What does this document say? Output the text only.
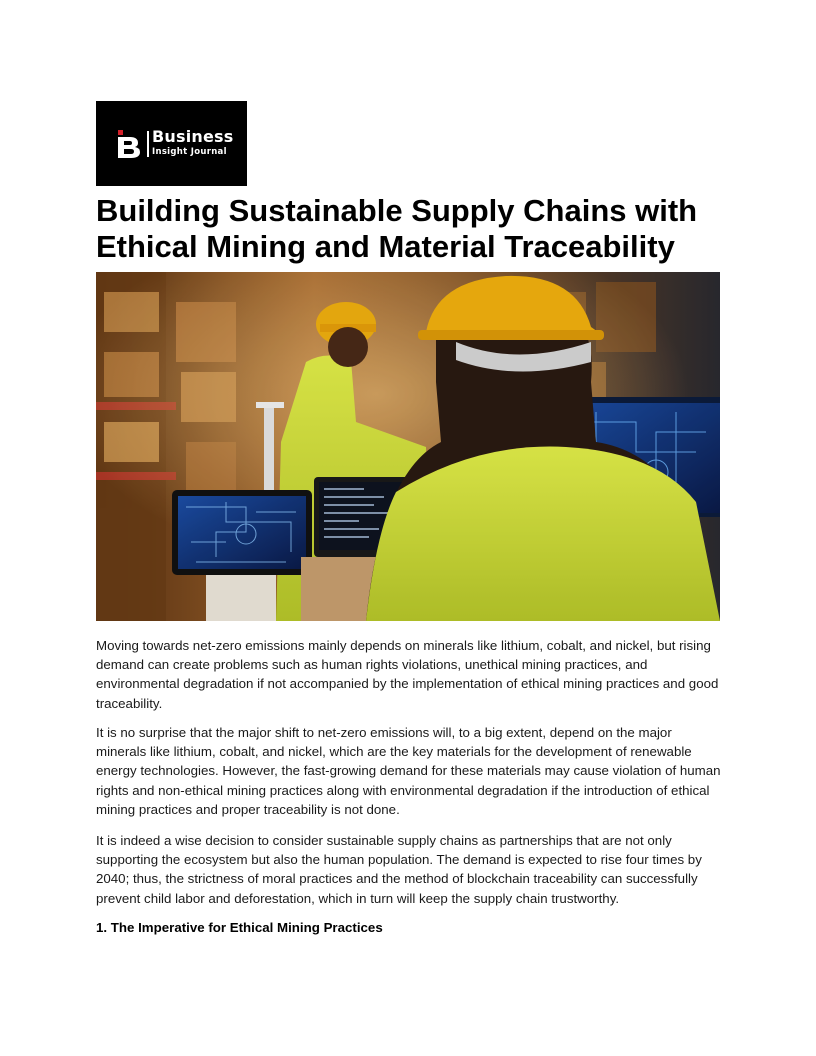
Business
Insight Journal
Building Sustainable Supply Chains with Ethical Mining and Material Traceability

Moving towards net-zero emissions mainly depends on minerals like lithium, cobalt, and nickel, but rising demand can create problems such as human rights violations, unethical mining practices, and environmental degradation if not accompanied by the implementation of ethical mining practices and good traceability.

It is no surprise that the major shift to net-zero emissions will, to a big extent, depend on the major minerals like lithium, cobalt, and nickel, which are the key materials for the development of renewable energy technologies. However, the fast-growing demand for these materials may cause violation of human rights and non-ethical mining practices along with environmental degradation if the introduction of ethical mining practices and proper traceability is not done.

It is indeed a wise decision to consider sustainable supply chains as partnerships that are not only supporting the ecosystem but also the human population. The demand is expected to rise four times by 2040; thus, the strictness of moral practices and the method of blockchain traceability can successfully prevent child labor and deforestation, which in turn will keep the supply chain trustworthy.

1. The Imperative for Ethical Mining Practices
